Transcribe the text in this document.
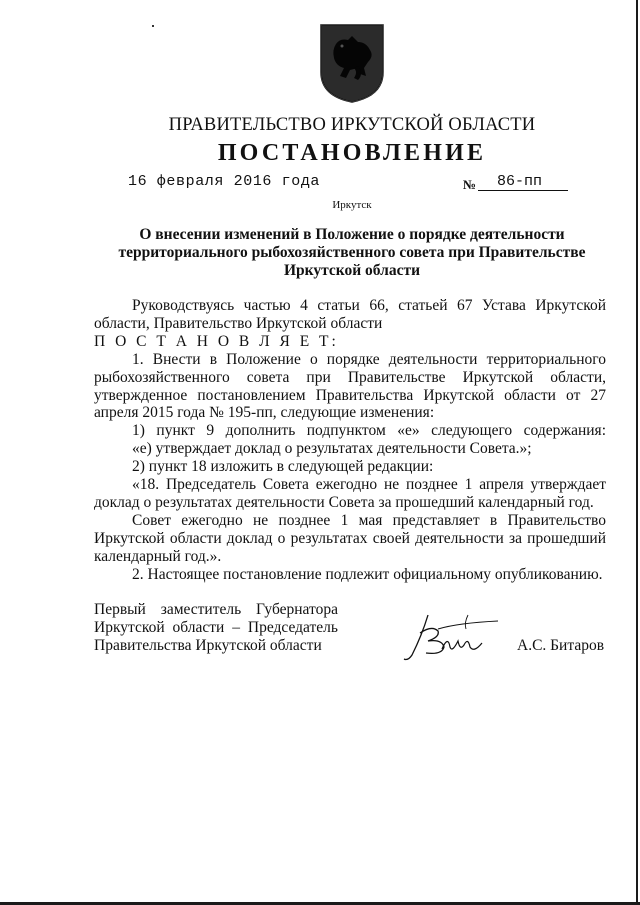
ПРАВИТЕЛЬСТВО ИРКУТСКОЙ ОБЛАСТИ
ПОСТАНОВЛЕНИЕ
16 февраля 2016 года	№ 86-пп
Иркутск
О внесении изменений в Положение о порядке деятельности территориального рыбохозяйственного совета при Правительстве Иркутской области

Руководствуясь частью 4 статьи 66, статьей 67 Устава Иркутской области, Правительство Иркутской области

П О С Т А Н О В Л Я Е Т:

1. Внести в Положение о порядке деятельности территориального рыбохозяйственного совета при Правительстве Иркутской области, утвержденное постановлением Правительства Иркутской области от 27 апреля 2015 года № 195-пп, следующие изменения:

1) пункт 9 дополнить подпунктом «е» следующего содержания:

«е) утверждает доклад о результатах деятельности Совета.»;

2) пункт 18 изложить в следующей редакции:

«18. Председатель Совета ежегодно не позднее 1 апреля утверждает доклад о результатах деятельности Совета за прошедший календарный год.

Совет ежегодно не позднее 1 мая представляет в Правительство Иркутской области доклад о результатах своей деятельности за прошедший календарный год.».

2. Настоящее постановление подлежит официальному опубликованию.

Первый заместитель Губернатора

Иркутской области – Председатель

Правительства Иркутской области	А.С. Битаров
